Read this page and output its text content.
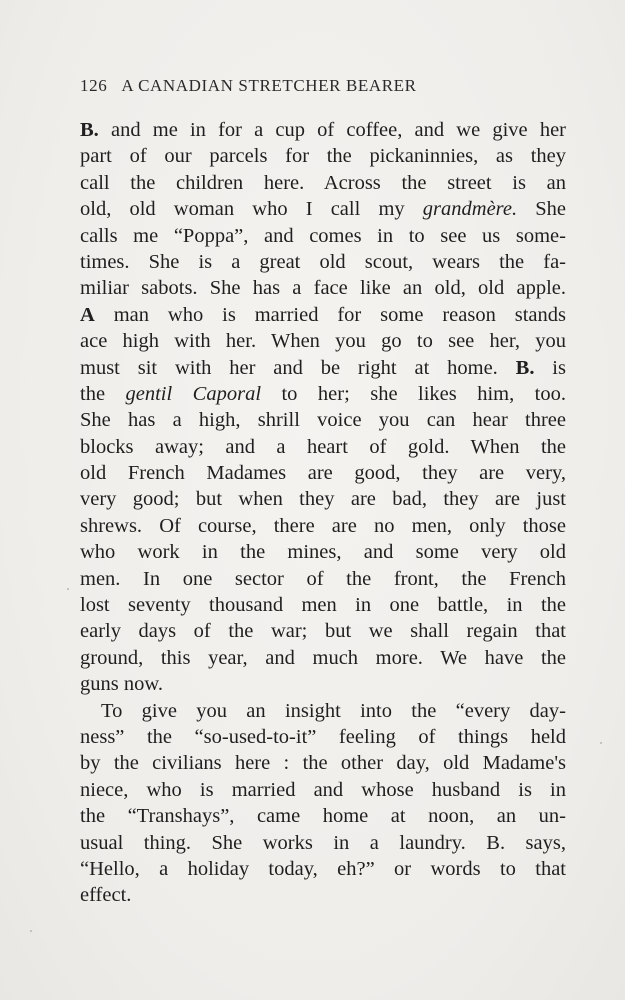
126 A CANADIAN STRETCHER BEARER
B. and me in for a cup of coffee, and we give her
part of our parcels for the pickaninnies, as they
call the children here. Across the street is an
old, old woman who I call my grandmère. She
calls me “Poppa”, and comes in to see us some-
times. She is a great old scout, wears the fa-
miliar sabots. She has a face like an old, old apple.
A man who is married for some reason stands
ace high with her. When you go to see her, you
must sit with her and be right at home. B. is
the gentil Caporal to her; she likes him, too.
She has a high, shrill voice you can hear three
blocks away; and a heart of gold. When the
old French Madames are good, they are very,
very good; but when they are bad, they are just
shrews. Of course, there are no men, only those
who work in the mines, and some very old
men. In one sector of the front, the French
lost seventy thousand men in one battle, in the
early days of the war; but we shall regain that
ground, this year, and much more. We have the
guns now.
To give you an insight into the “every day-
ness” the “so-used-to-it” feeling of things held
by the civilians here : the other day, old Madame's
niece, who is married and whose husband is in
the “Transhays”, came home at noon, an un-
usual thing. She works in a laundry. B. says,
“Hello, a holiday today, eh?” or words to that
effect.
